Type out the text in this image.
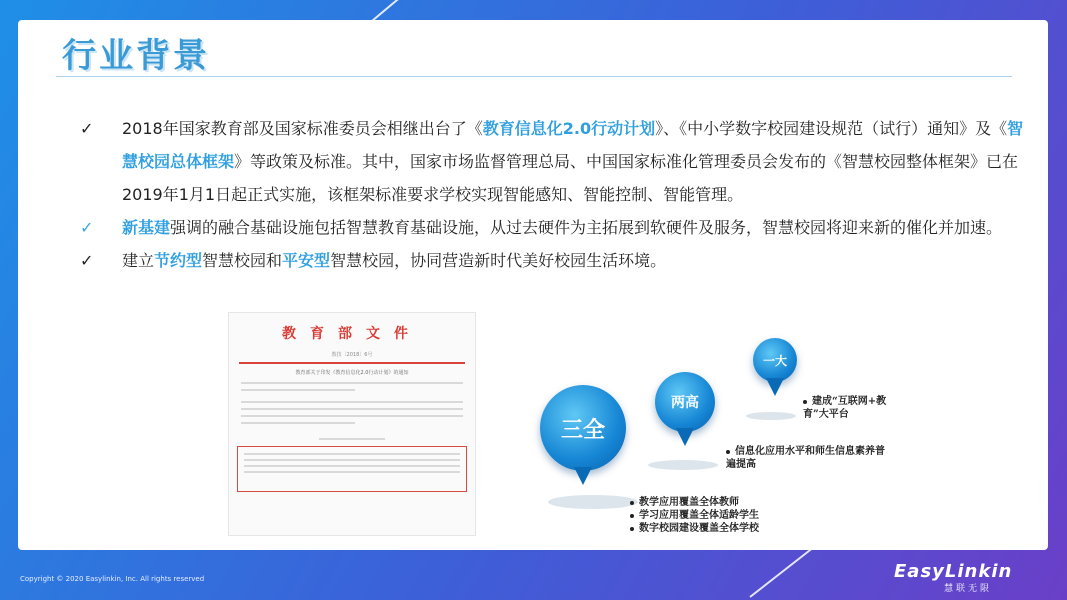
行业背景
✓ 2018年国家教育部及国家标准委员会相继出台了《教育信息化2.0行动计划》、《中小学数字校园建设规范（试行）通知》及《智慧校园总体框架》等政策及标准。其中，国家市场监督管理总局、中国国家标准化管理委员会发布的《智慧校园整体框架》已在2019年1月1日起正式实施，该框架标准要求学校实现智能感知、智能控制、智能管理。
✓ 新基建强调的融合基础设施包括智慧教育基础设施，从过去硬件为主拓展到软硬件及服务，智慧校园将迎来新的催化并加速。
✓ 建立节约型智慧校园和平安型智慧校园，协同营造新时代美好校园生活环境。
教育部文件
教技〔2018〕6号
教育部关于印发《教育信息化2.0行动计划》的通知
三全
两高
一大
建成“互联网+教育”大平台
信息化应用水平和师生信息素养普遍提高
教学应用覆盖全体教师
学习应用覆盖全体适龄学生
数字校园建设覆盖全体学校
Copyright © 2020 Easylinkin, Inc. All rights reserved	EasyLinkin
慧联无限
